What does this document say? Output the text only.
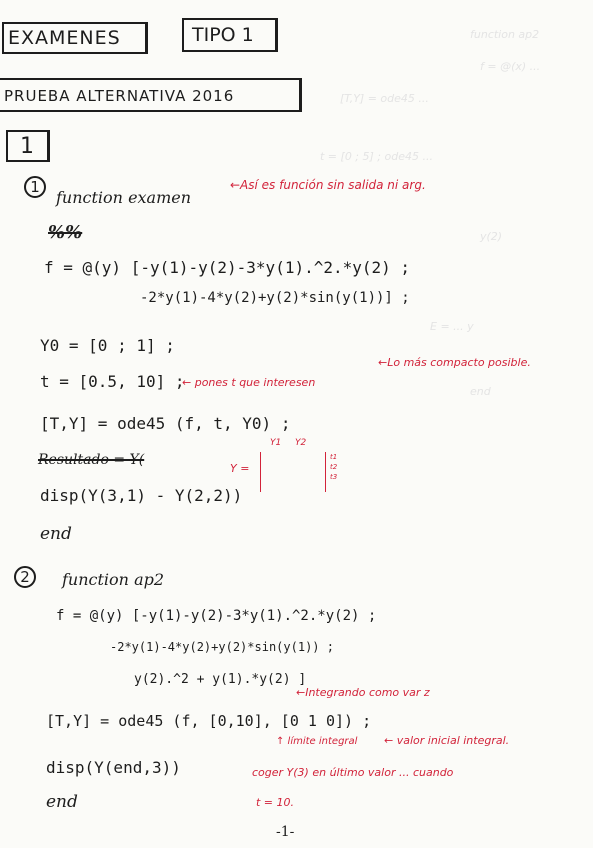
function ap2
f = @(x) ...
[T,Y] = ode45 ...
t = [0 ; 5] ; ode45 ...
y(2)
E = ... y
end
EXAMENES	TIPO 1
PRUEBA ALTERNATIVA 2016
1
1
function examen
←Así es función sin salida ni arg.
%%
f = @(y) [-y(1)-y(2)-3*y(1).^2.*y(2) ;
-2*y(1)-4*y(2)+y(2)*sin(y(1))] ;
Y0 = [0 ; 1] ;
←Lo más compacto posible.
t = [0.5, 10] ;
← pones t que interesen
[T,Y] = ode45 (f, t, Y0) ;
Resultado = Y(
Y =
Y1 Y2
t1
t2
t3
disp(Y(3,1) - Y(2,2))
end
2	function ap2
f = @(y) [-y(1)-y(2)-3*y(1).^2.*y(2) ;
-2*y(1)-4*y(2)+y(2)*sin(y(1)) ;
y(2).^2 + y(1).*y(2) ]
←Integrando como var z
[T,Y] = ode45 (f, [0,10], [0 1 0]) ;
↑ límite integral ← valor inicial integral.
disp(Y(end,3))	coger Y(3) en último valor ... cuando
t = 10.
end
-1-
